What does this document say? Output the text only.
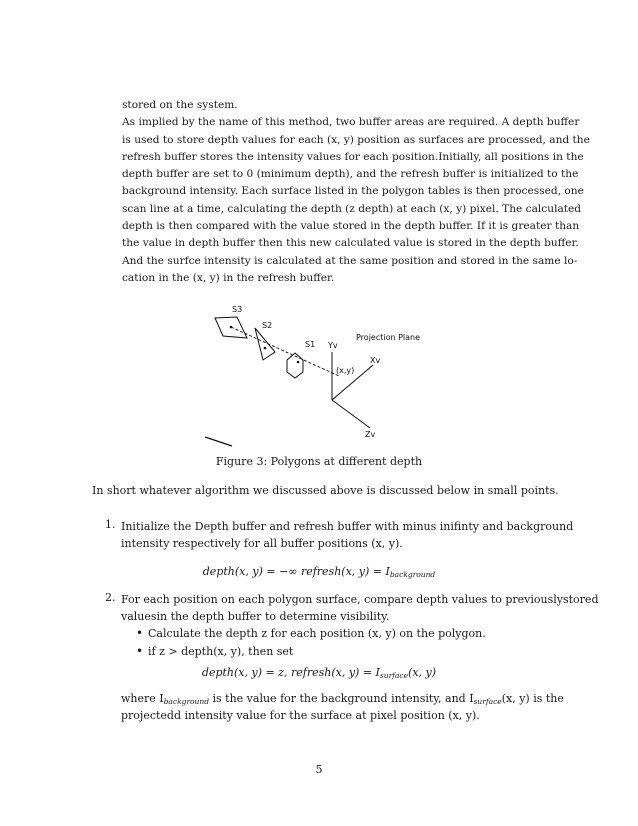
stored on the system.
As implied by the name of this method, two buffer areas are required. A depth buffer
is used to store depth values for each (x, y) position as surfaces are processed, and the
refresh buffer stores the intensity values for each position.Initially, all positions in the
depth buffer are set to 0 (minimum depth), and the refresh buffer is initialized to the
background intensity. Each surface listed in the polygon tables is then processed, one
scan line at a time, calculating the depth (z depth) at each (x, y) pixel. The calculated
depth is then compared with the value stored in the depth buffer. If it is greater than
the value in depth buffer then this new calculated value is stored in the depth buffer.
And the surfce intensity is calculated at the same position and stored in the same lo-
cation in the (x, y) in the refresh buffer.
S3
S2
S1 Yv
Projection Plane
Xv
(x,y)
Zv
Figure 3: Polygons at different depth
In short whatever algorithm we discussed above is discussed below in small points.
1. Initialize the Depth buffer and refresh buffer with minus inifinty and background
intensity respectively for all buffer positions (x, y).
depth(x, y) = −∞ refresh(x, $y) = I_{background}$
2. For each position on each polygon surface, compare depth values to previouslystored
valuesin the depth buffer to determine visibility.
• Calculate the depth z for each position (x, y) on the polygon.
• if z > depth(x, y), then set
depth(x, y) = z, refresh(x, $y) = I_{surface}(x$, y)
where $I_{background}$ is the value for the background intensity, and $I_{surface}(x$, y) is the
projectedd intensity value for the surface at pixel position (x, y).
5
